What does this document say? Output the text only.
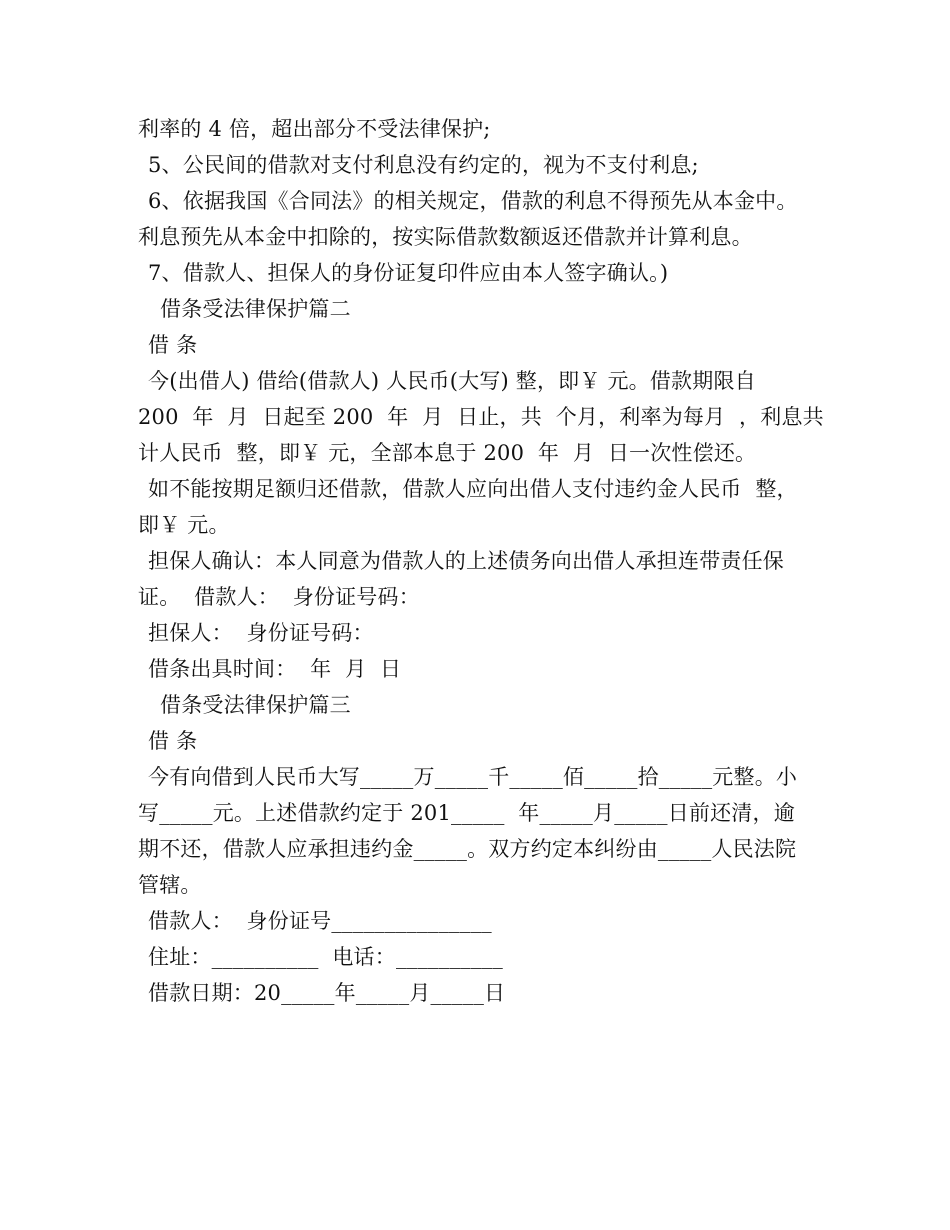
利率的 4 倍，超出部分不受法律保护;
5、公民间的借款对支付利息没有约定的，视为不支付利息;
6、依据我国《合同法》的相关规定，借款的利息不得预先从本金中。
利息预先从本金中扣除的，按实际借款数额返还借款并计算利息。
7、借款人、担保人的身份证复印件应由本人签字确认。)
借条受法律保护篇二
借 条
今(出借人) 借给(借款人) 人民币(大写) 整，即￥ 元。借款期限自
200  年  月  日起至 200  年  月  日止，共  个月，利率为每月  ，利息共
计人民币  整，即￥ 元，全部本息于 200  年  月  日一次性偿还。
如不能按期足额归还借款，借款人应向出借人支付违约金人民币  整，
即￥ 元。
担保人确认：本人同意为借款人的上述债务向出借人承担连带责任保
证。  借款人：  身份证号码：
担保人：  身份证号码：
借条出具时间：  年  月  日
借条受法律保护篇三
借 条
今有向借到人民币大写_____万_____千_____佰_____拾_____元整。小
写_____元。上述借款约定于 201_____  年_____月_____日前还清，逾
期不还，借款人应承担违约金_____。双方约定本纠纷由_____人民法院
管辖。
借款人：  身份证号_______________
住址：__________  电话：__________
借款日期：20_____年_____月_____日
